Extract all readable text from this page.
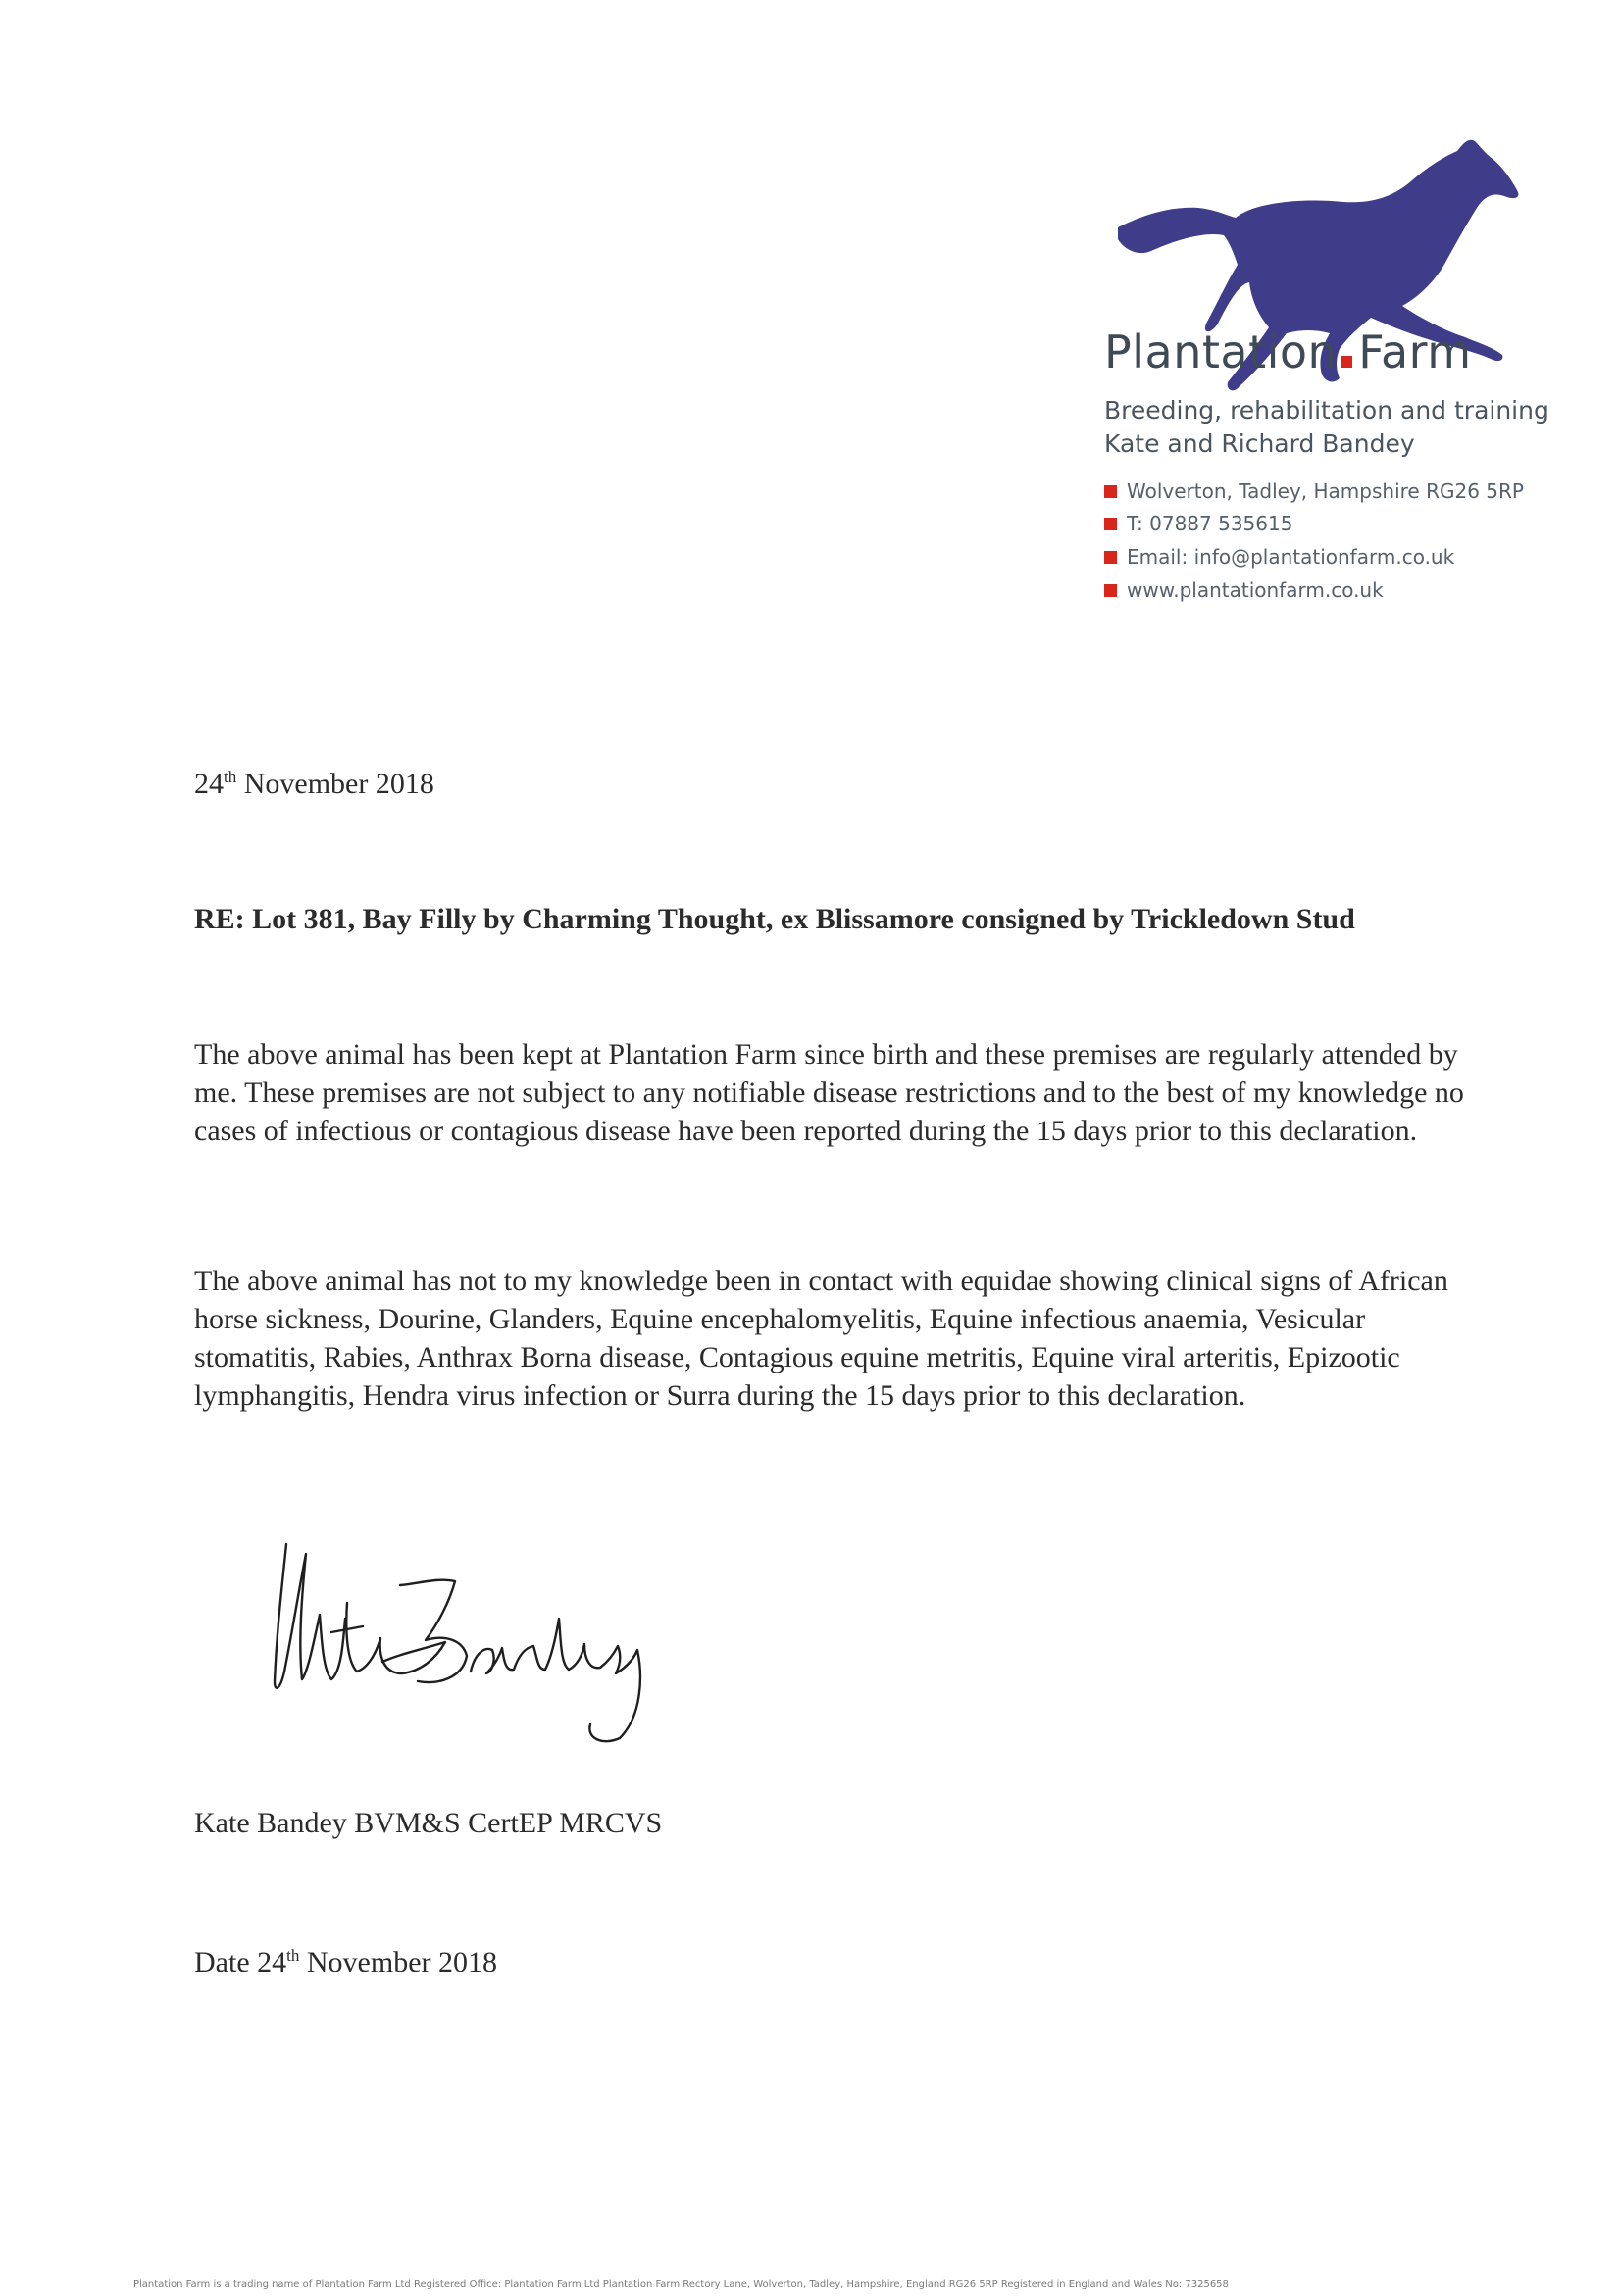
Plantation Farm
Breeding, rehabilitation and training
Kate and Richard Bandey
Wolverton, Tadley, Hampshire RG26 5RP
T: 07887 535615
Email: info@plantationfarm.co.uk
www.plantationfarm.co.uk
24th November 2018
RE: Lot 381, Bay Filly by Charming Thought, ex Blissamore consigned by Trickledown Stud
The above animal has been kept at Plantation Farm since birth and these premises are regularly attended by me. These premises are not subject to any notifiable disease restrictions and to the best of my knowledge no cases of infectious or contagious disease have been reported during the 15 days prior to this declaration.
The above animal has not to my knowledge been in contact with equidae showing clinical signs of African horse sickness, Dourine, Glanders, Equine encephalomyelitis, Equine infectious anaemia, Vesicular stomatitis, Rabies, Anthrax Borna disease, Contagious equine metritis, Equine viral arteritis, Epizootic lymphangitis, Hendra virus infection or Surra during the 15 days prior to this declaration.
Kate Bandey BVM&S CertEP MRCVS
Date 24th November 2018
Plantation Farm is a trading name of Plantation Farm Ltd Registered Office: Plantation Farm Ltd Plantation Farm Rectory Lane, Wolverton, Tadley, Hampshire, England RG26 5RP Registered in England and Wales No: 7325658
